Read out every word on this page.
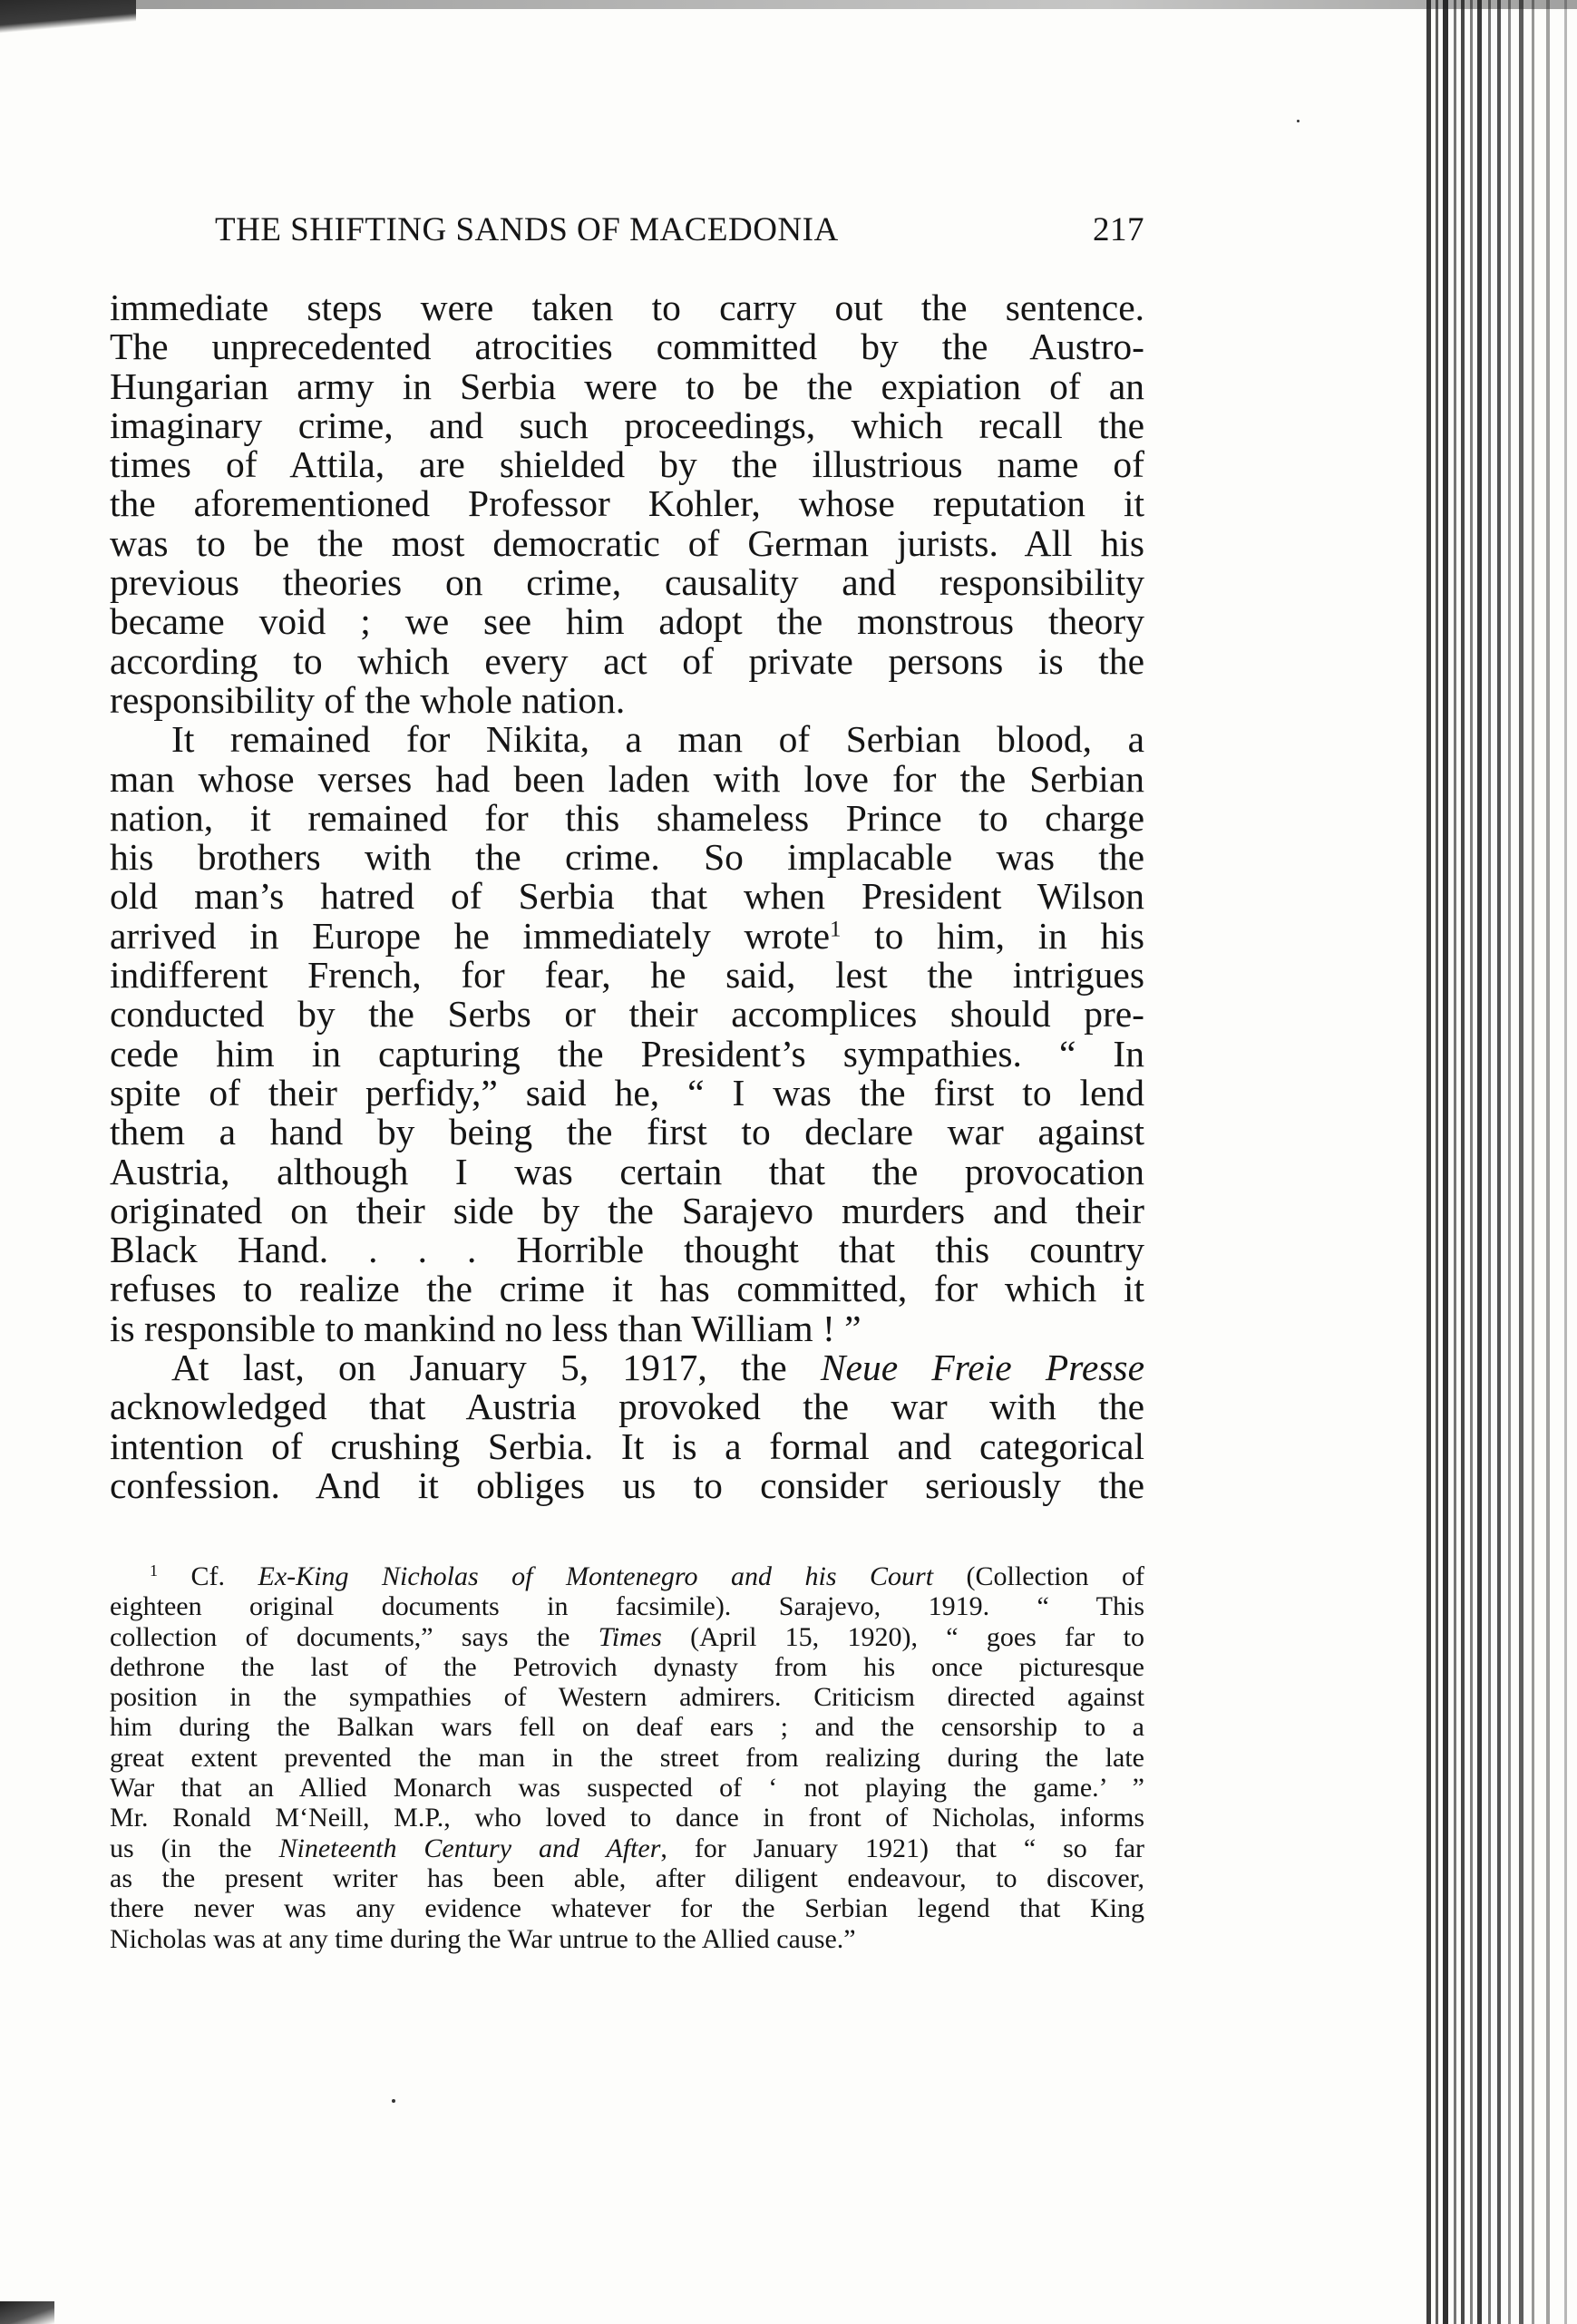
THE SHIFTING SANDS OF MACEDONIA	217
immediate steps were taken to carry out the sentence.
The unprecedented atrocities committed by the Austro-
Hungarian army in Serbia were to be the expiation of an
imaginary crime, and such proceedings, which recall the
times of Attila, are shielded by the illustrious name of
the aforementioned Professor Kohler, whose reputation it
was to be the most democratic of German jurists. All his
previous theories on crime, causality and responsibility
became void ; we see him adopt the monstrous theory
according to which every act of private persons is the
responsibility of the whole nation.
It remained for Nikita, a man of Serbian blood, a
man whose verses had been laden with love for the Serbian
nation, it remained for this shameless Prince to charge
his brothers with the crime. So implacable was the
old man’s hatred of Serbia that when President Wilson
arrived in Europe he immediately wrote$^1$ to him, in his
indifferent French, for fear, he said, lest the intrigues
conducted by the Serbs or their accomplices should pre-
cede him in capturing the President’s sympathies. “ In
spite of their perfidy,” said he, “ I was the first to lend
them a hand by being the first to declare war against
Austria, although I was certain that the provocation
originated on their side by the Sarajevo murders and their
Black Hand. . . . Horrible thought that this country
refuses to realize the crime it has committed, for which it
is responsible to mankind no less than William ! ”
At last, on January 5, 1917, the Neue Freie Presse
acknowledged that Austria provoked the war with the
intention of crushing Serbia. It is a formal and categorical
confession. And it obliges us to consider seriously the
$^1$ Cf. Ex-King Nicholas of Montenegro and his Court (Collection of
eighteen original documents in facsimile). Sarajevo, 1919. “ This
collection of documents,” says the Times (April 15, 1920), “ goes far to
dethrone the last of the Petrovich dynasty from his once picturesque
position in the sympathies of Western admirers. Criticism directed against
him during the Balkan wars fell on deaf ears ; and the censorship to a
great extent prevented the man in the street from realizing during the late
War that an Allied Monarch was suspected of ‘ not playing the game.’ ”
Mr. Ronald M‘Neill, M.P., who loved to dance in front of Nicholas, informs
us (in the Nineteenth Century and After, for January 1921) that “ so far
as the present writer has been able, after diligent endeavour, to discover,
there never was any evidence whatever for the Serbian legend that King
Nicholas was at any time during the War untrue to the Allied cause.”
